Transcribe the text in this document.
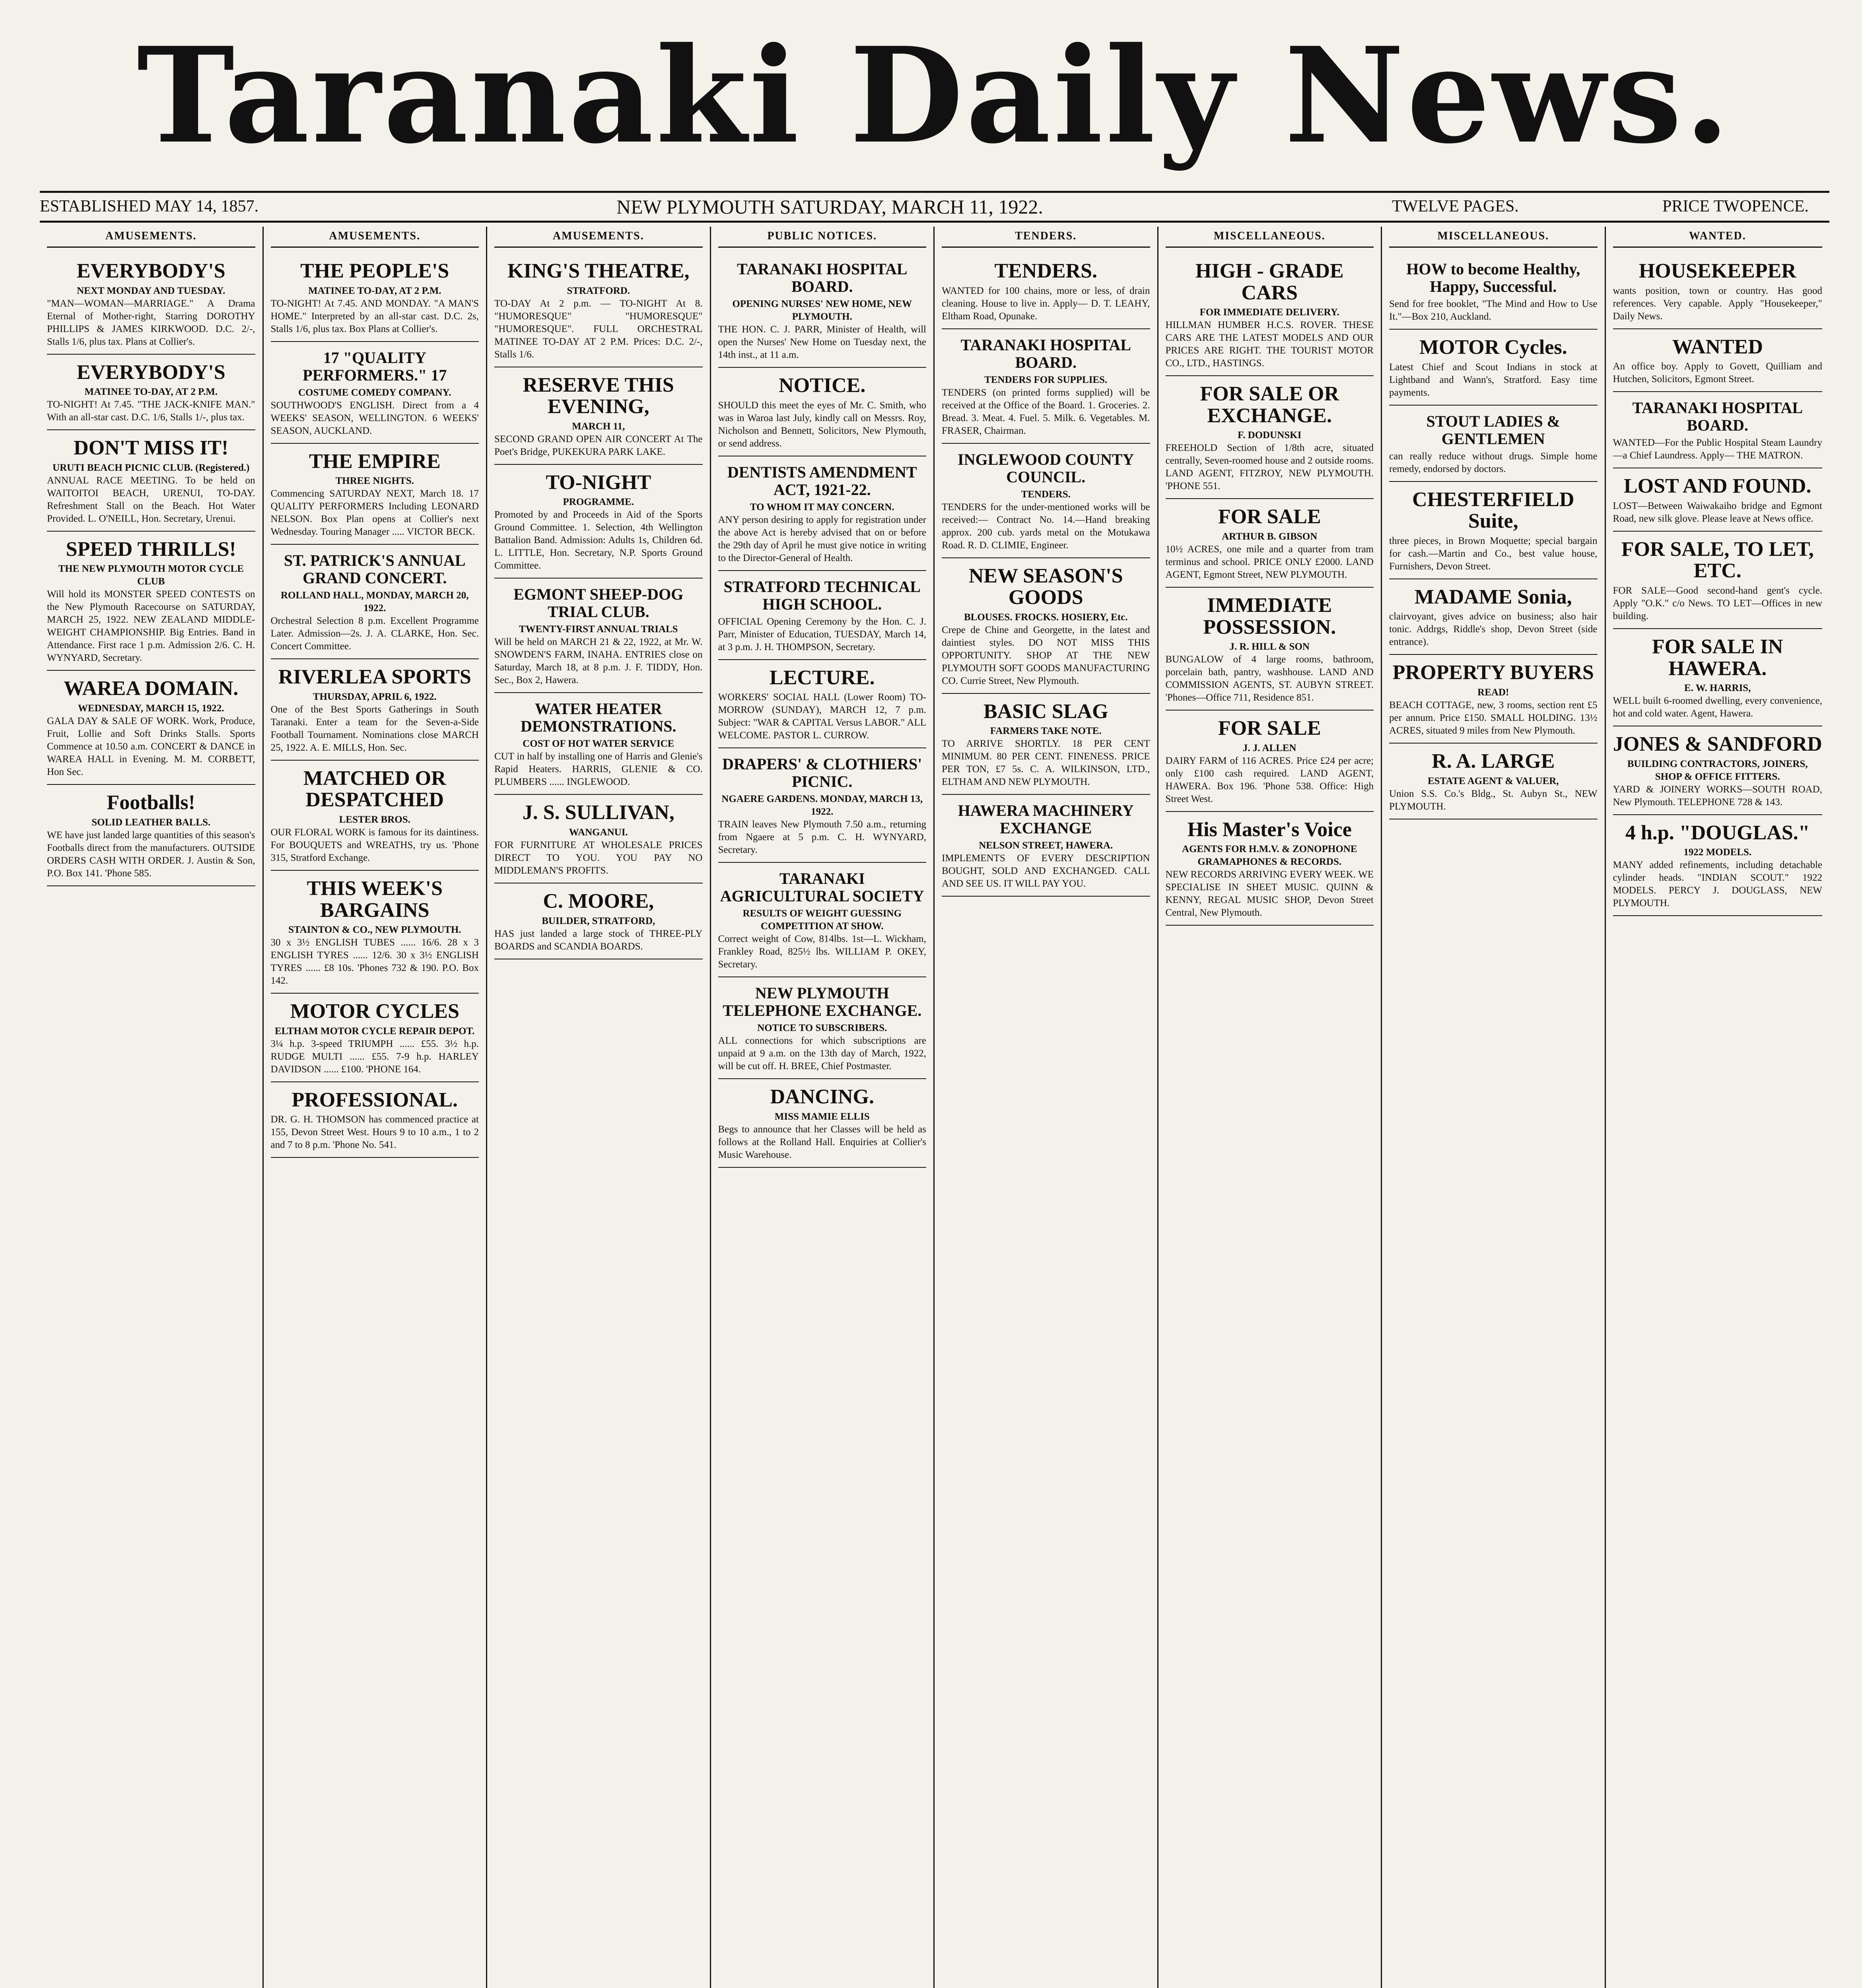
Taranaki Daily News.
ESTABLISHED MAY 14, 1857.	NEW PLYMOUTH SATURDAY, MARCH 11, 1922.	TWELVE PAGES.	PRICE TWOPENCE.
AMUSEMENTS.
EVERYBODY'S
NEXT MONDAY AND TUESDAY.
"MAN—WOMAN—MARRIAGE." A Drama Eternal of Mother-right, Starring DOROTHY PHILLIPS & JAMES KIRKWOOD. D.C. 2/-, Stalls 1/6, plus tax. Plans at Collier's.
EVERYBODY'S
MATINEE TO-DAY, AT 2 P.M.
TO-NIGHT! At 7.45. "THE JACK-KNIFE MAN." With an all-star cast. D.C. 1/6, Stalls 1/-, plus tax.
DON'T MISS IT!
URUTI BEACH PICNIC CLUB. (Registered.)
ANNUAL RACE MEETING. To be held on WAITOITOI BEACH, URENUI, TO-DAY. Refreshment Stall on the Beach. Hot Water Provided. L. O'NEILL, Hon. Secretary, Urenui.
SPEED THRILLS!
THE NEW PLYMOUTH MOTOR CYCLE CLUB
Will hold its MONSTER SPEED CONTESTS on the New Plymouth Racecourse on SATURDAY, MARCH 25, 1922. NEW ZEALAND MIDDLE-WEIGHT CHAMPIONSHIP. Big Entries. Band in Attendance. First race 1 p.m. Admission 2/6. C. H. WYNYARD, Secretary.
WAREA DOMAIN.
WEDNESDAY, MARCH 15, 1922.
GALA DAY & SALE OF WORK. Work, Produce, Fruit, Lollie and Soft Drinks Stalls. Sports Commence at 10.50 a.m. CONCERT & DANCE in WAREA HALL in Evening. M. M. CORBETT, Hon Sec.
Footballs!
SOLID LEATHER BALLS.
WE have just landed large quantities of this season's Footballs direct from the manufacturers. OUTSIDE ORDERS CASH WITH ORDER. J. Austin & Son, P.O. Box 141. 'Phone 585.
AMUSEMENTS.
THE PEOPLE'S
MATINEE TO-DAY, AT 2 P.M.
TO-NIGHT! At 7.45. AND MONDAY. "A MAN'S HOME." Interpreted by an all-star cast. D.C. 2s, Stalls 1/6, plus tax. Box Plans at Collier's.
17 "QUALITY PERFORMERS." 17
COSTUME COMEDY COMPANY.
SOUTHWOOD'S ENGLISH. Direct from a 4 WEEKS' SEASON, WELLINGTON. 6 WEEKS' SEASON, AUCKLAND.
THE EMPIRE
THREE NIGHTS.
Commencing SATURDAY NEXT, March 18. 17 QUALITY PERFORMERS Including LEONARD NELSON. Box Plan opens at Collier's next Wednesday. Touring Manager ..... VICTOR BECK.
ST. PATRICK'S ANNUAL GRAND CONCERT.
ROLLAND HALL, MONDAY, MARCH 20, 1922.
Orchestral Selection 8 p.m. Excellent Programme Later. Admission—2s. J. A. CLARKE, Hon. Sec. Concert Committee.
RIVERLEA SPORTS
THURSDAY, APRIL 6, 1922.
One of the Best Sports Gatherings in South Taranaki. Enter a team for the Seven-a-Side Football Tournament. Nominations close MARCH 25, 1922. A. E. MILLS, Hon. Sec.
MATCHED OR DESPATCHED
LESTER BROS.
OUR FLORAL WORK is famous for its daintiness. For BOUQUETS and WREATHS, try us. 'Phone 315, Stratford Exchange.
THIS WEEK'S BARGAINS
STAINTON & CO., NEW PLYMOUTH.
30 x 3½ ENGLISH TUBES ...... 16/6. 28 x 3 ENGLISH TYRES ...... 12/6. 30 x 3½ ENGLISH TYRES ...... £8 10s. 'Phones 732 & 190. P.O. Box 142.
MOTOR CYCLES
ELTHAM MOTOR CYCLE REPAIR DEPOT.
3¼ h.p. 3-speed TRIUMPH ...... £55. 3½ h.p. RUDGE MULTI ...... £55. 7-9 h.p. HARLEY DAVIDSON ...... £100. 'PHONE 164.
PROFESSIONAL.
DR. G. H. THOMSON has commenced practice at 155, Devon Street West. Hours 9 to 10 a.m., 1 to 2 and 7 to 8 p.m. 'Phone No. 541.
AMUSEMENTS.
KING'S THEATRE,
STRATFORD.
TO-DAY At 2 p.m. — TO-NIGHT At 8. "HUMORESQUE" "HUMORESQUE" "HUMORESQUE". FULL ORCHESTRAL MATINEE TO-DAY AT 2 P.M. Prices: D.C. 2/-, Stalls 1/6.
RESERVE THIS EVENING,
MARCH 11,
SECOND GRAND OPEN AIR CONCERT At The Poet's Bridge, PUKEKURA PARK LAKE.
TO-NIGHT
PROGRAMME.
Promoted by and Proceeds in Aid of the Sports Ground Committee. 1. Selection, 4th Wellington Battalion Band. Admission: Adults 1s, Children 6d. L. LITTLE, Hon. Secretary, N.P. Sports Ground Committee.
EGMONT SHEEP-DOG TRIAL CLUB.
TWENTY-FIRST ANNUAL TRIALS
Will be held on MARCH 21 & 22, 1922, at Mr. W. SNOWDEN'S FARM, INAHA. ENTRIES close on Saturday, March 18, at 8 p.m. J. F. TIDDY, Hon. Sec., Box 2, Hawera.
WATER HEATER DEMONSTRATIONS.
COST OF HOT WATER SERVICE
CUT in half by installing one of Harris and Glenie's Rapid Heaters. HARRIS, GLENIE & CO. PLUMBERS ...... INGLEWOOD.
J. S. SULLIVAN,
WANGANUI.
FOR FURNITURE AT WHOLESALE PRICES DIRECT TO YOU. YOU PAY NO MIDDLEMAN'S PROFITS.
C. MOORE,
BUILDER, STRATFORD,
HAS just landed a large stock of THREE-PLY BOARDS and SCANDIA BOARDS.
PUBLIC NOTICES.
TARANAKI HOSPITAL BOARD.
OPENING NURSES' NEW HOME, NEW PLYMOUTH.
THE HON. C. J. PARR, Minister of Health, will open the Nurses' New Home on Tuesday next, the 14th inst., at 11 a.m.
NOTICE.
SHOULD this meet the eyes of Mr. C. Smith, who was in Waroa last July, kindly call on Messrs. Roy, Nicholson and Bennett, Solicitors, New Plymouth, or send address.
DENTISTS AMENDMENT ACT, 1921-22.
TO WHOM IT MAY CONCERN.
ANY person desiring to apply for registration under the above Act is hereby advised that on or before the 29th day of April he must give notice in writing to the Director-General of Health.
STRATFORD TECHNICAL HIGH SCHOOL.
OFFICIAL Opening Ceremony by the Hon. C. J. Parr, Minister of Education, TUESDAY, March 14, at 3 p.m. J. H. THOMPSON, Secretary.
LECTURE.
WORKERS' SOCIAL HALL (Lower Room) TO-MORROW (SUNDAY), MARCH 12, 7 p.m. Subject: "WAR & CAPITAL Versus LABOR." ALL WELCOME. PASTOR L. CURROW.
DRAPERS' & CLOTHIERS' PICNIC.
NGAERE GARDENS. MONDAY, MARCH 13, 1922.
TRAIN leaves New Plymouth 7.50 a.m., returning from Ngaere at 5 p.m. C. H. WYNYARD, Secretary.
TARANAKI AGRICULTURAL SOCIETY
RESULTS OF WEIGHT GUESSING COMPETITION AT SHOW.
Correct weight of Cow, 814lbs. 1st—L. Wickham, Frankley Road, 825½ lbs. WILLIAM P. OKEY, Secretary.
NEW PLYMOUTH TELEPHONE EXCHANGE.
NOTICE TO SUBSCRIBERS.
ALL connections for which subscriptions are unpaid at 9 a.m. on the 13th day of March, 1922, will be cut off. H. BREE, Chief Postmaster.
DANCING.
MISS MAMIE ELLIS
Begs to announce that her Classes will be held as follows at the Rolland Hall. Enquiries at Collier's Music Warehouse.
TENDERS.
TENDERS.
WANTED for 100 chains, more or less, of drain cleaning. House to live in. Apply— D. T. LEAHY, Eltham Road, Opunake.
TARANAKI HOSPITAL BOARD.
TENDERS FOR SUPPLIES.
TENDERS (on printed forms supplied) will be received at the Office of the Board. 1. Groceries. 2. Bread. 3. Meat. 4. Fuel. 5. Milk. 6. Vegetables. M. FRASER, Chairman.
INGLEWOOD COUNTY COUNCIL.
TENDERS.
TENDERS for the under-mentioned works will be received:— Contract No. 14.—Hand breaking approx. 200 cub. yards metal on the Motukawa Road. R. D. CLIMIE, Engineer.
NEW SEASON'S GOODS
BLOUSES. FROCKS. HOSIERY, Etc.
Crepe de Chine and Georgette, in the latest and daintiest styles. DO NOT MISS THIS OPPORTUNITY. SHOP AT THE NEW PLYMOUTH SOFT GOODS MANUFACTURING CO. Currie Street, New Plymouth.
BASIC SLAG
FARMERS TAKE NOTE.
TO ARRIVE SHORTLY. 18 PER CENT MINIMUM. 80 PER CENT. FINENESS. PRICE PER TON, £7 5s. C. A. WILKINSON, LTD., ELTHAM AND NEW PLYMOUTH.
HAWERA MACHINERY EXCHANGE
NELSON STREET, HAWERA.
IMPLEMENTS OF EVERY DESCRIPTION BOUGHT, SOLD AND EXCHANGED. CALL AND SEE US. IT WILL PAY YOU.
MISCELLANEOUS.
HIGH - GRADE CARS
FOR IMMEDIATE DELIVERY.
HILLMAN HUMBER H.C.S. ROVER. THESE CARS ARE THE LATEST MODELS AND OUR PRICES ARE RIGHT. THE TOURIST MOTOR CO., LTD., HASTINGS.
FOR SALE OR EXCHANGE.
F. DODUNSKI
FREEHOLD Section of 1/8th acre, situated centrally, Seven-roomed house and 2 outside rooms. LAND AGENT, FITZROY, NEW PLYMOUTH. 'PHONE 551.
FOR SALE
ARTHUR B. GIBSON
10½ ACRES, one mile and a quarter from tram terminus and school. PRICE ONLY £2000. LAND AGENT, Egmont Street, NEW PLYMOUTH.
IMMEDIATE POSSESSION.
J. R. HILL & SON
BUNGALOW of 4 large rooms, bathroom, porcelain bath, pantry, washhouse. LAND AND COMMISSION AGENTS, ST. AUBYN STREET. 'Phones—Office 711, Residence 851.
FOR SALE
J. J. ALLEN
DAIRY FARM of 116 ACRES. Price £24 per acre; only £100 cash required. LAND AGENT, HAWERA. Box 196. 'Phone 538. Office: High Street West.
His Master's Voice
AGENTS FOR H.M.V. & ZONOPHONE GRAMAPHONES & RECORDS.
NEW RECORDS ARRIVING EVERY WEEK. WE SPECIALISE IN SHEET MUSIC. QUINN & KENNY, REGAL MUSIC SHOP, Devon Street Central, New Plymouth.
MISCELLANEOUS.
HOW to become Healthy, Happy, Successful.
Send for free booklet, "The Mind and How to Use It."—Box 210, Auckland.
MOTOR Cycles.
Latest Chief and Scout Indians in stock at Lightband and Wann's, Stratford. Easy time payments.
STOUT LADIES & GENTLEMEN
can really reduce without drugs. Simple home remedy, endorsed by doctors.
CHESTERFIELD Suite,
three pieces, in Brown Moquette; special bargain for cash.—Martin and Co., best value house, Furnishers, Devon Street.
MADAME Sonia,
clairvoyant, gives advice on business; also hair tonic. Addrgs, Riddle's shop, Devon Street (side entrance).
PROPERTY BUYERS
READ!
BEACH COTTAGE, new, 3 rooms, section rent £5 per annum. Price £150. SMALL HOLDING. 13½ ACRES, situated 9 miles from New Plymouth.
R. A. LARGE
ESTATE AGENT & VALUER,
Union S.S. Co.'s Bldg., St. Aubyn St., NEW PLYMOUTH.
WANTED.
HOUSEKEEPER
wants position, town or country. Has good references. Very capable. Apply "Housekeeper," Daily News.
WANTED
An office boy. Apply to Govett, Quilliam and Hutchen, Solicitors, Egmont Street.
TARANAKI HOSPITAL BOARD.
WANTED—For the Public Hospital Steam Laundry—a Chief Laundress. Apply— THE MATRON.
LOST AND FOUND.
LOST—Between Waiwakaiho bridge and Egmont Road, new silk glove. Please leave at News office.
FOR SALE, TO LET, ETC.
FOR SALE—Good second-hand gent's cycle. Apply "O.K." c/o News. TO LET—Offices in new building.
FOR SALE IN HAWERA.
E. W. HARRIS,
WELL built 6-roomed dwelling, every convenience, hot and cold water. Agent, Hawera.
JONES & SANDFORD
BUILDING CONTRACTORS, JOINERS, SHOP & OFFICE FITTERS.
YARD & JOINERY WORKS—SOUTH ROAD, New Plymouth. TELEPHONE 728 & 143.
4 h.p. "DOUGLAS."
1922 MODELS.
MANY added refinements, including detachable cylinder heads. "INDIAN SCOUT." 1922 MODELS. PERCY J. DOUGLASS, NEW PLYMOUTH.
